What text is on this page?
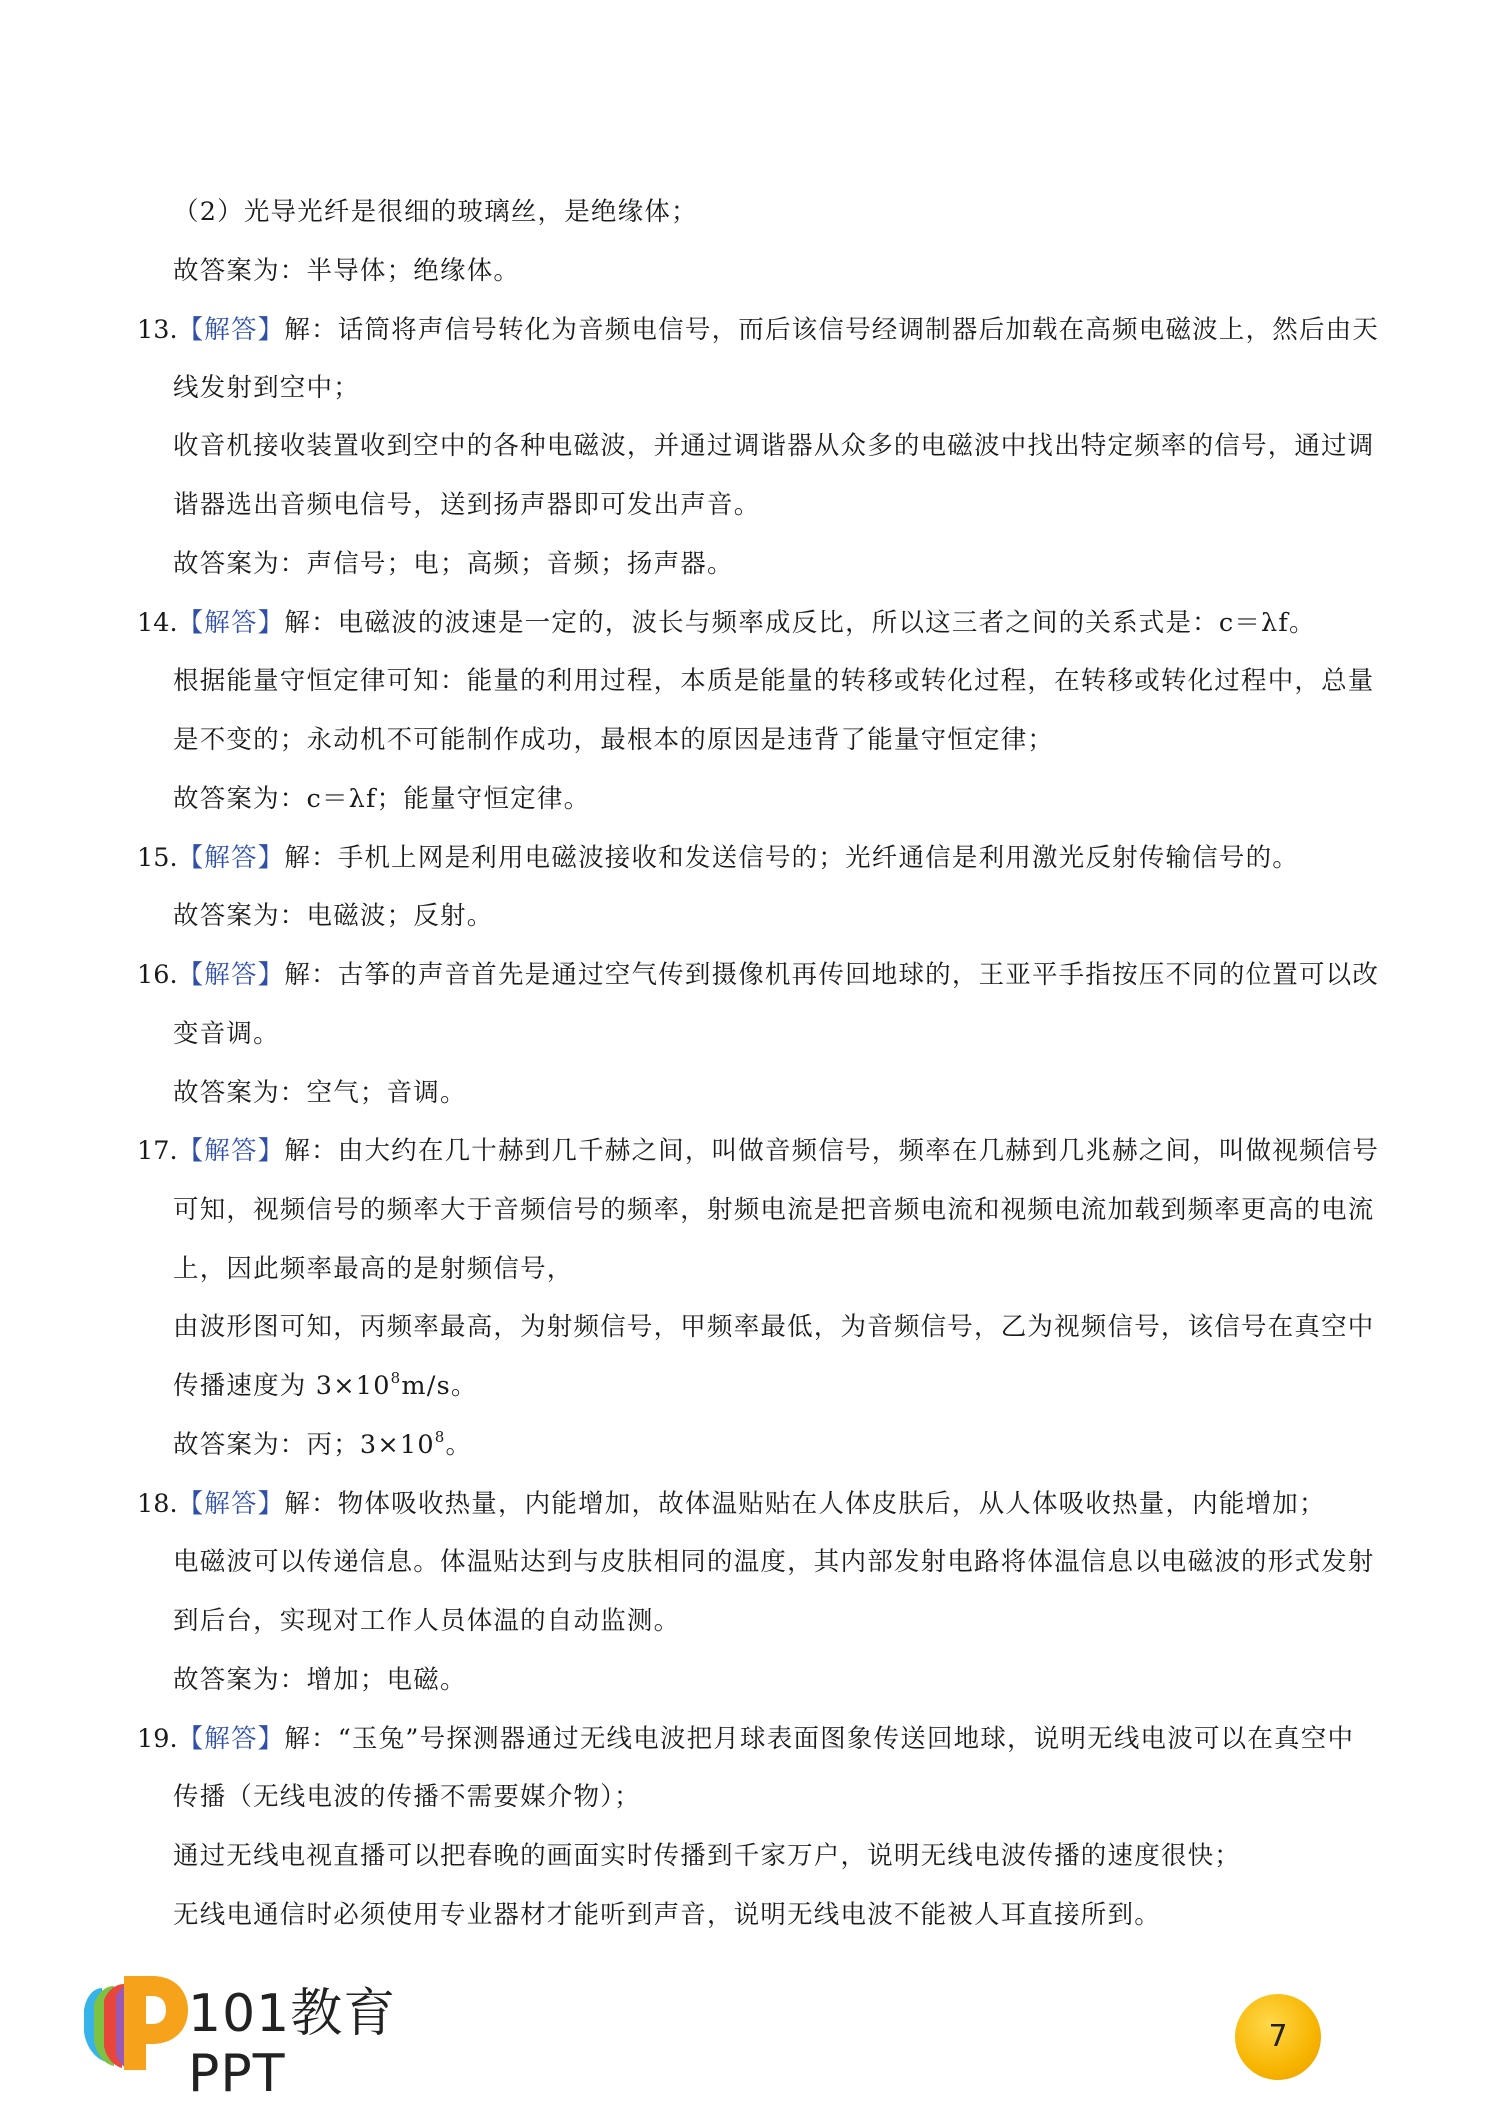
（2）光导光纤是很细的玻璃丝，是绝缘体；
故答案为：半导体；绝缘体。
13.【解答】解：话筒将声信号转化为音频电信号，而后该信号经调制器后加载在高频电磁波上，然后由天
线发射到空中；
收音机接收装置收到空中的各种电磁波，并通过调谐器从众多的电磁波中找出特定频率的信号，通过调
谐器选出音频电信号，送到扬声器即可发出声音。
故答案为：声信号；电；高频；音频；扬声器。
14.【解答】解：电磁波的波速是一定的，波长与频率成反比，所以这三者之间的关系式是：c＝λf。
根据能量守恒定律可知：能量的利用过程，本质是能量的转移或转化过程，在转移或转化过程中，总量
是不变的；永动机不可能制作成功，最根本的原因是违背了能量守恒定律；
故答案为：c＝λf；能量守恒定律。
15.【解答】解：手机上网是利用电磁波接收和发送信号的；光纤通信是利用激光反射传输信号的。
故答案为：电磁波；反射。
16.【解答】解：古筝的声音首先是通过空气传到摄像机再传回地球的，王亚平手指按压不同的位置可以改
变音调。
故答案为：空气；音调。
17.【解答】解：由大约在几十赫到几千赫之间，叫做音频信号，频率在几赫到几兆赫之间，叫做视频信号
可知，视频信号的频率大于音频信号的频率，射频电流是把音频电流和视频电流加载到频率更高的电流
上，因此频率最高的是射频信号，
由波形图可知，丙频率最高，为射频信号，甲频率最低，为音频信号，乙为视频信号，该信号在真空中
传播速度为 $3\times 10^8m/s$。
故答案为：丙；$3\times 10^8$。
18.【解答】解：物体吸收热量，内能增加，故体温贴贴在人体皮肤后，从人体吸收热量，内能增加；
电磁波可以传递信息。体温贴达到与皮肤相同的温度，其内部发射电路将体温信息以电磁波的形式发射
到后台，实现对工作人员体温的自动监测。
故答案为：增加；电磁。
19.【解答】解：“玉兔”号探测器通过无线电波把月球表面图象传送回地球，说明无线电波可以在真空中
传播（无线电波的传播不需要媒介物）；
通过无线电视直播可以把春晚的画面实时传播到千家万户，说明无线电波传播的速度很快；
无线电通信时必须使用专业器材才能听到声音，说明无线电波不能被人耳直接所到。
101教育PPT
7
